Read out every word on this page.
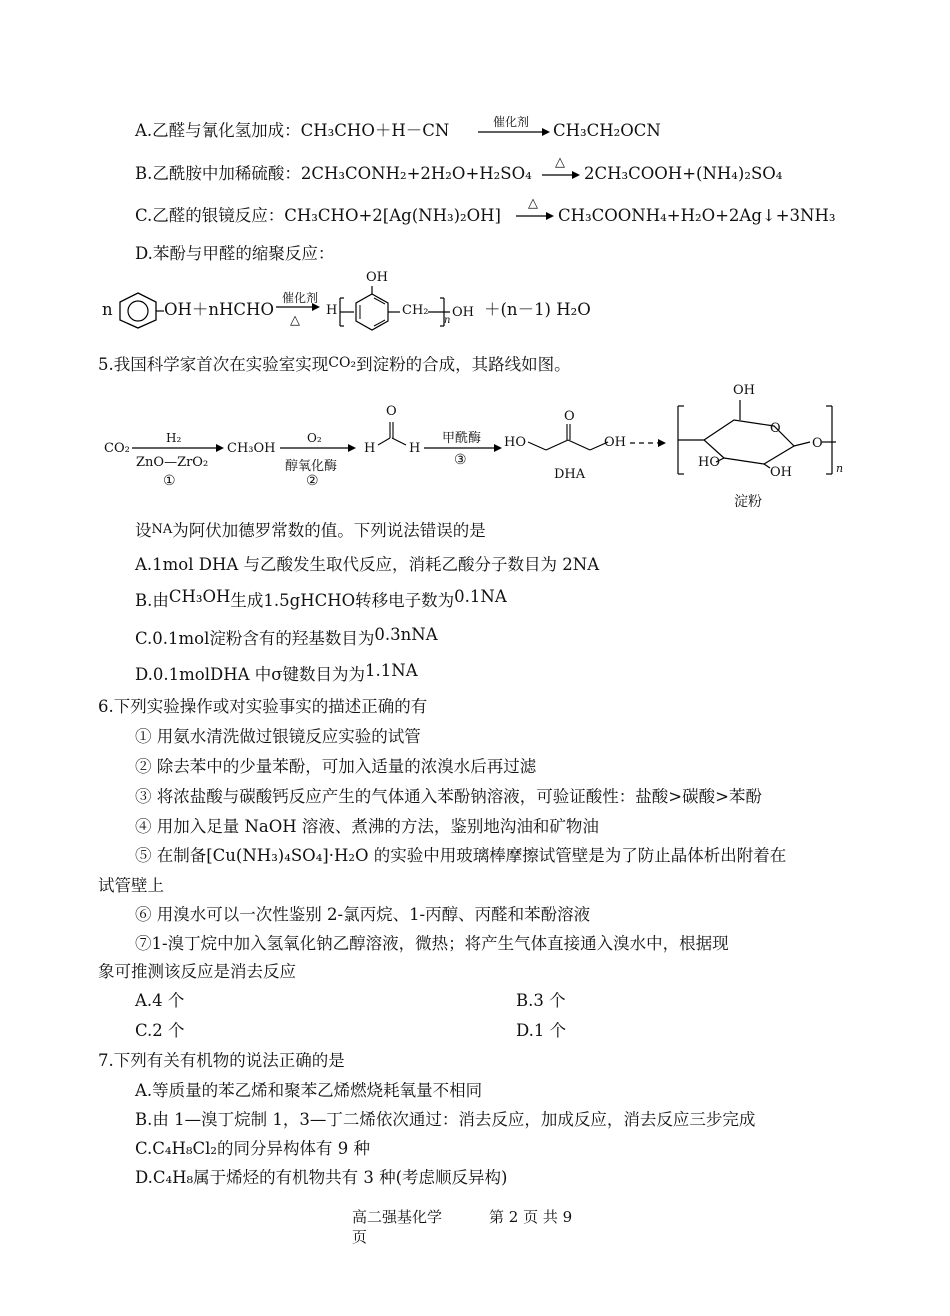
A.乙醛与氰化氢加成：CH₃CHO＋H－CN	催化剂 CH₃CH₂OCN
B.乙酰胺中加稀硫酸：2CH₃CONH₂+2H₂O+H₂SO₄
△
→ 2CH₃COOH+(NH₄)₂SO₄
C.乙醛的银镜反应：CH₃CHO+2[Ag(NH₃)₂OH]
△
→ CH₃COONH₄+H₂O+2Ag↓+3NH₃
D.苯酚与甲醛的缩聚反应：
n	OH＋nHCHO
催化剂
△
H
OH
CH₂
n
OH ＋(n－1) H₂O
5.我国科学家首次在实验室实现CO₂到淀粉的合成，其路线如图。
CO₂
H₂
ZnO—ZrO₂
①
CH₃OH
O₂
醇氧化酶
②
O
H	H
甲酰酶
③
O
HO	OH
DHA
OH
O
HO
OH
O
n
淀粉
设NA为阿伏加德罗常数的值。下列说法错误的是
A.1mol DHA 与乙酸发生取代反应，消耗乙酸分子数目为 2NA
B.由CH₃OH生成1.5gHCHO转移电子数为0.1NA
C.0.1mol淀粉含有的羟基数目为0.3nNA
D.0.1molDHA 中σ键数目为为1.1NA
6.下列实验操作或对实验事实的描述正确的有
① 用氨水清洗做过银镜反应实验的试管
② 除去苯中的少量苯酚，可加入适量的浓溴水后再过滤
③ 将浓盐酸与碳酸钙反应产生的气体通入苯酚钠溶液，可验证酸性：盐酸>碳酸>苯酚
④ 用加入足量 NaOH 溶液、煮沸的方法，鉴别地沟油和矿物油
⑤ 在制备[Cu(NH₃)₄SO₄]·H₂O 的实验中用玻璃棒摩擦试管壁是为了防止晶体析出附着在
试管壁上
⑥ 用溴水可以一次性鉴别 2-氯丙烷、1-丙醇、丙醛和苯酚溶液
⑦1-溴丁烷中加入氢氧化钠乙醇溶液，微热；将产生气体直接通入溴水中，根据现
象可推测该反应是消去反应
A.4 个	B.3 个
C.2 个	D.1 个
7.下列有关有机物的说法正确的是
A.等质量的苯乙烯和聚苯乙烯燃烧耗氧量不相同
B.由 1—溴丁烷制 1，3—丁二烯依次通过：消去反应，加成反应，消去反应三步完成
C.C₄H₈Cl₂的同分异构体有 9 种
D.C₄H₈属于烯烃的有机物共有 3 种(考虑顺反异构)
高二强基化学
页
第 2 页 共 9
